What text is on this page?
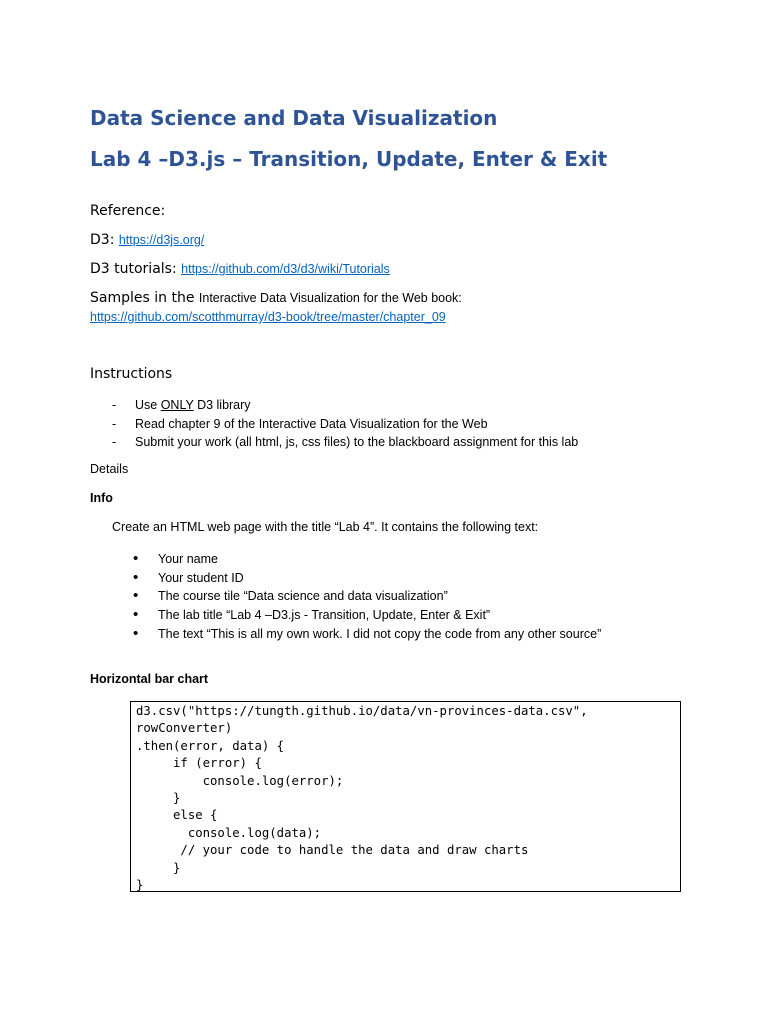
Data Science and Data Visualization
Lab 4 –D3.js – Transition, Update, Enter & Exit
Reference:
D3: https://d3js.org/
D3 tutorials: https://github.com/d3/d3/wiki/Tutorials
Samples in the Interactive Data Visualization for the Web book:
https://github.com/scotthmurray/d3-book/tree/master/chapter_09
Instructions
- Use ONLY D3 library
- Read chapter 9 of the Interactive Data Visualization for the Web
- Submit your work (all html, js, css files) to the blackboard assignment for this lab
Details
Info
Create an HTML web page with the title “Lab 4”. It contains the following text:
• Your name
• Your student ID
• The course tile “Data science and data visualization”
• The lab title “Lab 4 –D3.js - Transition, Update, Enter & Exit”
• The text “This is all my own work. I did not copy the code from any other source”
Horizontal bar chart
d3.csv("https://tungth.github.io/data/vn-provinces-data.csv",
rowConverter)
.then(error, data) {
if (error) {
console.log(error);
}
else {
console.log(data);
// your code to handle the data and draw charts
}
}
